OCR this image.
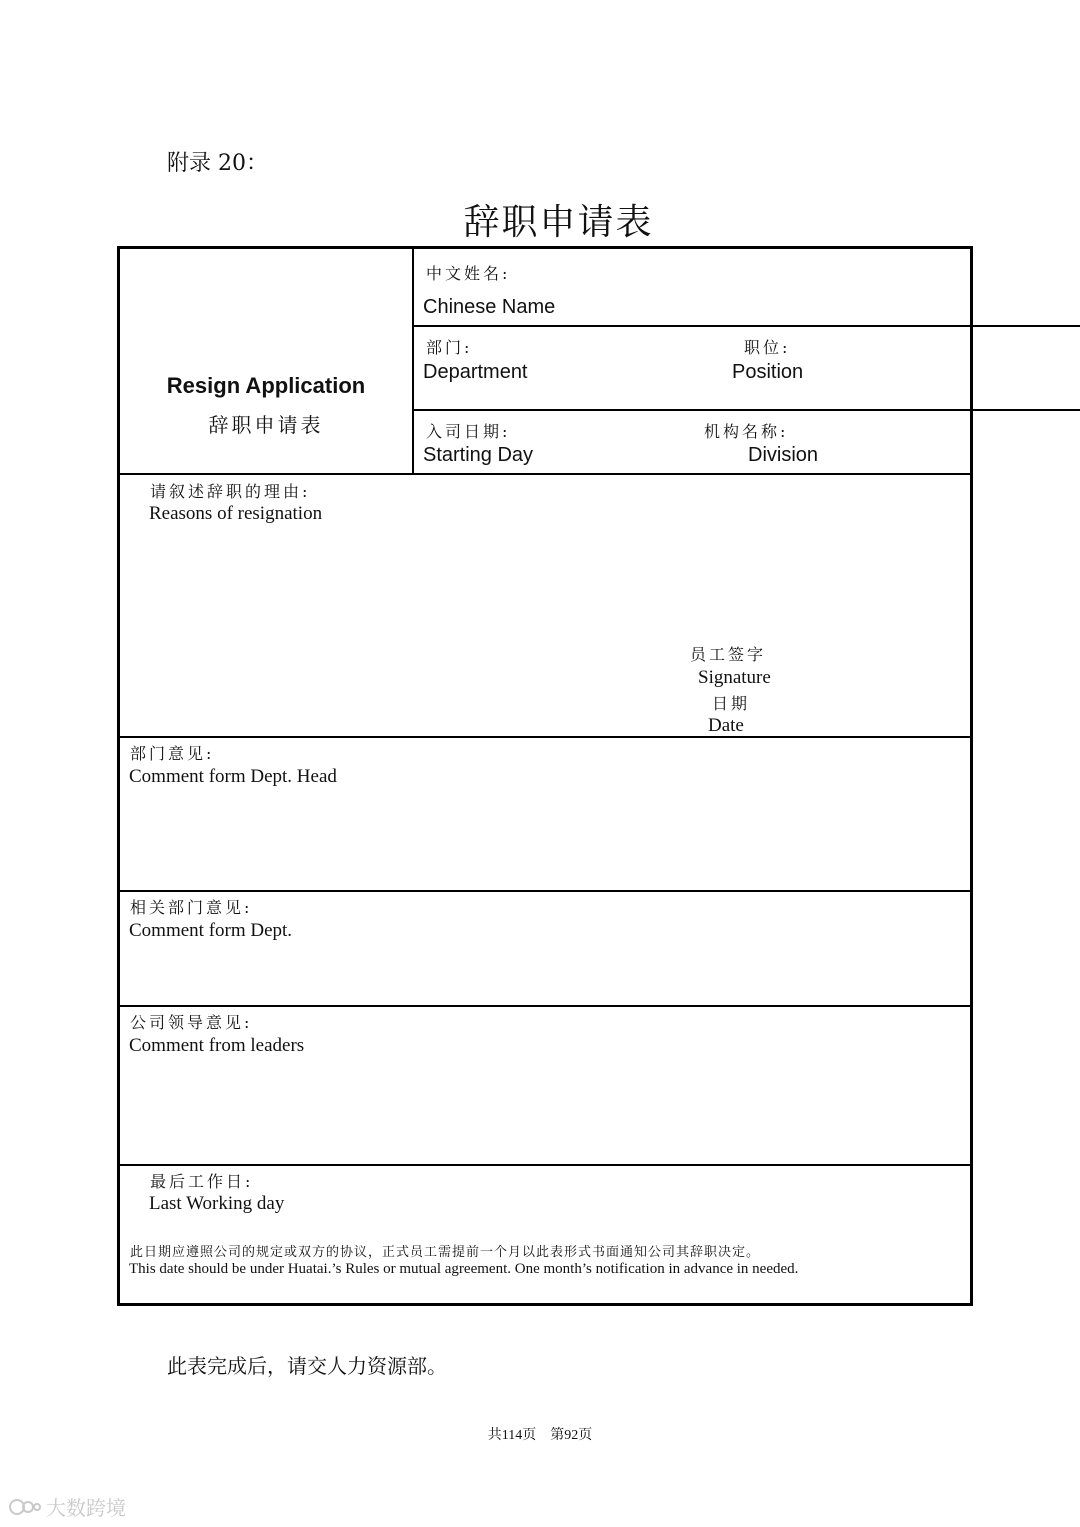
附录 20：
辞职申请表
Resign Application
辞职申请表
中文姓名:
Chinese Name
部门:
Department
职位:
Position
入司日期:
Starting Day
机构名称:
Division
请叙述辞职的理由:
Reasons of resignation
员工签字
Signature
日期
Date
部门意见:
Comment form Dept. Head
相关部门意见:
Comment form Dept.
公司领导意见:
Comment from leaders
最后工作日:
Last Working day
此日期应遵照公司的规定或双方的协议，正式员工需提前一个月以此表形式书面通知公司其辞职决定。
This date should be under Huatai.’s Rules or mutual agreement. One month’s notification in advance in needed.
此表完成后，请交人力资源部。
共114页    第92页
大数跨境
